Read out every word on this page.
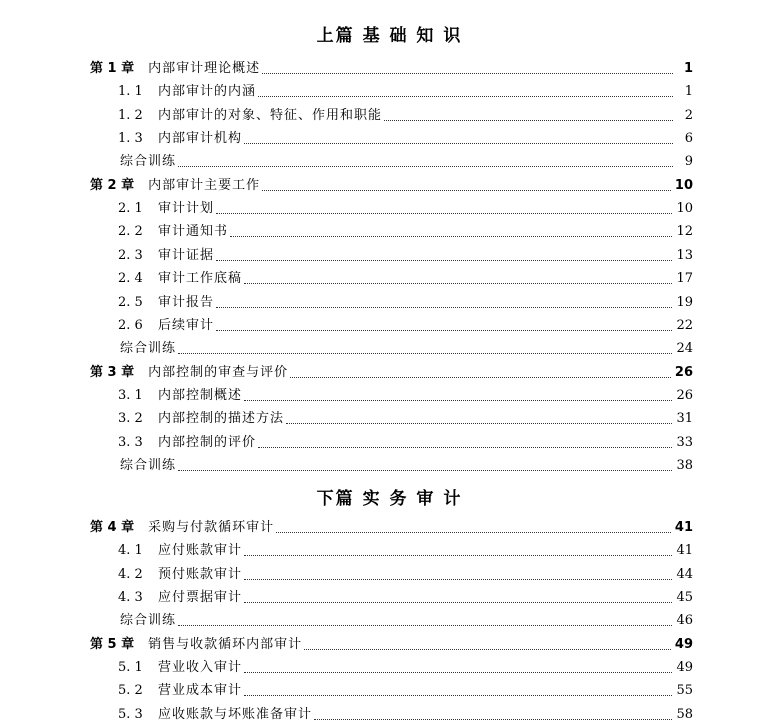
上篇 基 础 知 识
第 1 章 内部审计理论概述	1
1. 1	内部审计的内涵	1
1. 2	内部审计的对象、特征、作用和职能	2
1. 3	内部审计机构	6
综合训练	9
第 2 章 内部审计主要工作	10
2. 1	审计计划	10
2. 2	审计通知书	12
2. 3	审计证据	13
2. 4	审计工作底稿	17
2. 5	审计报告	19
2. 6	后续审计	22
综合训练	24
第 3 章 内部控制的审查与评价	26
3. 1	内部控制概述	26
3. 2	内部控制的描述方法	31
3. 3	内部控制的评价	33
综合训练	38
下篇 实 务 审 计
第 4 章 采购与付款循环审计	41
4. 1	应付账款审计	41
4. 2	预付账款审计	44
4. 3	应付票据审计	45
综合训练	46
第 5 章 销售与收款循环内部审计	49
5. 1	营业收入审计	49
5. 2	营业成本审计	55
5. 3	应收账款与坏账准备审计	58
